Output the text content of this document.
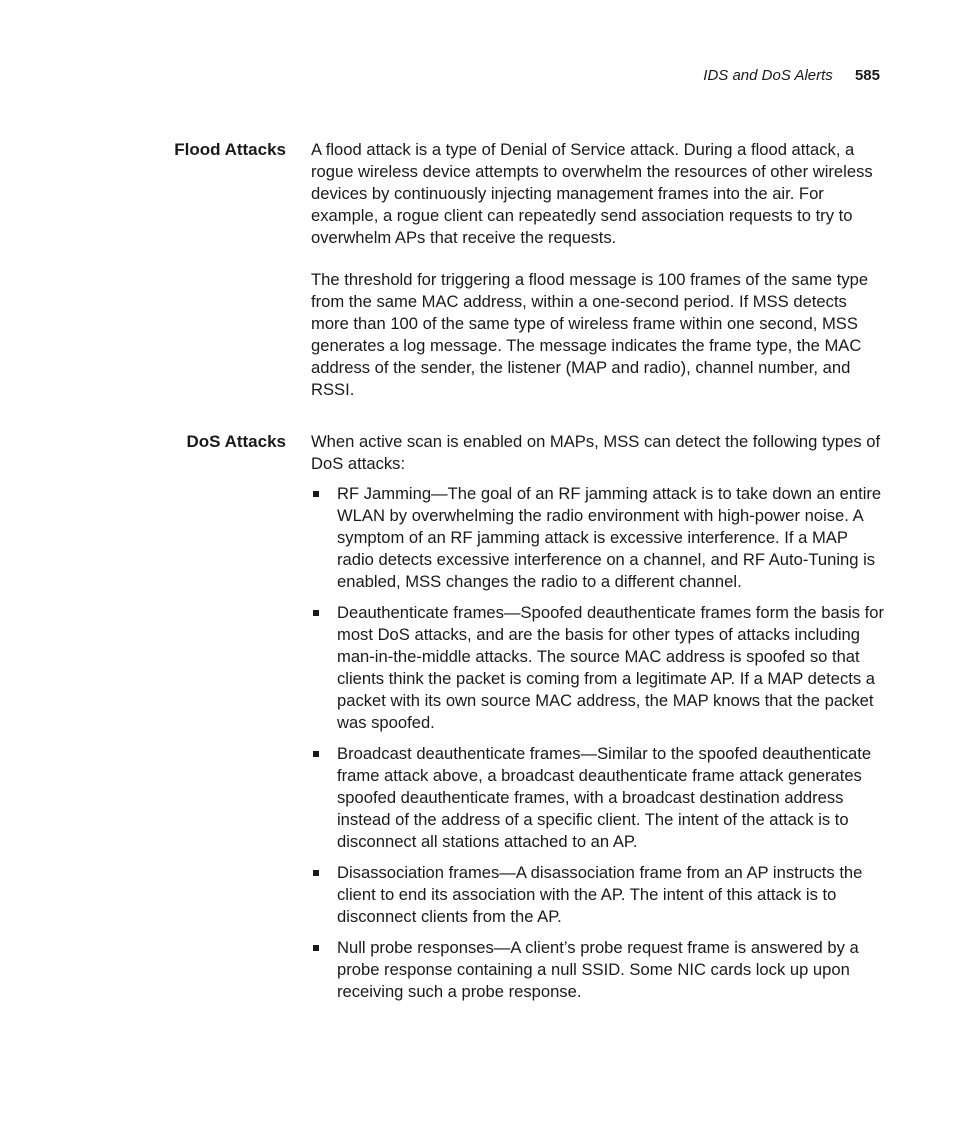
IDS and DoS Alerts 585
Flood Attacks A flood attack is a type of Denial of Service attack. During a flood attack, a rogue wireless device attempts to overwhelm the resources of other wireless devices by continuously injecting management frames into the air. For example, a rogue client can repeatedly send association requests to try to overwhelm APs that receive the requests.

The threshold for triggering a flood message is 100 frames of the same type from the same MAC address, within a one-second period. If MSS detects more than 100 of the same type of wireless frame within one second, MSS generates a log message. The message indicates the frame type, the MAC address of the sender, the listener (MAP and radio), channel number, and RSSI.

DoS Attacks When active scan is enabled on MAPs, MSS can detect the following types of DoS attacks:

RF Jamming—The goal of an RF jamming attack is to take down an entire WLAN by overwhelming the radio environment with high-power noise. A symptom of an RF jamming attack is excessive interference. If a MAP radio detects excessive interference on a channel, and RF Auto-Tuning is enabled, MSS changes the radio to a different channel.
Deauthenticate frames—Spoofed deauthenticate frames form the basis for most DoS attacks, and are the basis for other types of attacks including man-in-the-middle attacks. The source MAC address is spoofed so that clients think the packet is coming from a legitimate AP. If a MAP detects a packet with its own source MAC address, the MAP knows that the packet was spoofed.
Broadcast deauthenticate frames—Similar to the spoofed deauthenticate frame attack above, a broadcast deauthenticate frame attack generates spoofed deauthenticate frames, with a broadcast destination address instead of the address of a specific client. The intent of the attack is to disconnect all stations attached to an AP.
Disassociation frames—A disassociation frame from an AP instructs the client to end its association with the AP. The intent of this attack is to disconnect clients from the AP.
Null probe responses—A client’s probe request frame is answered by a probe response containing a null SSID. Some NIC cards lock up upon receiving such a probe response.
